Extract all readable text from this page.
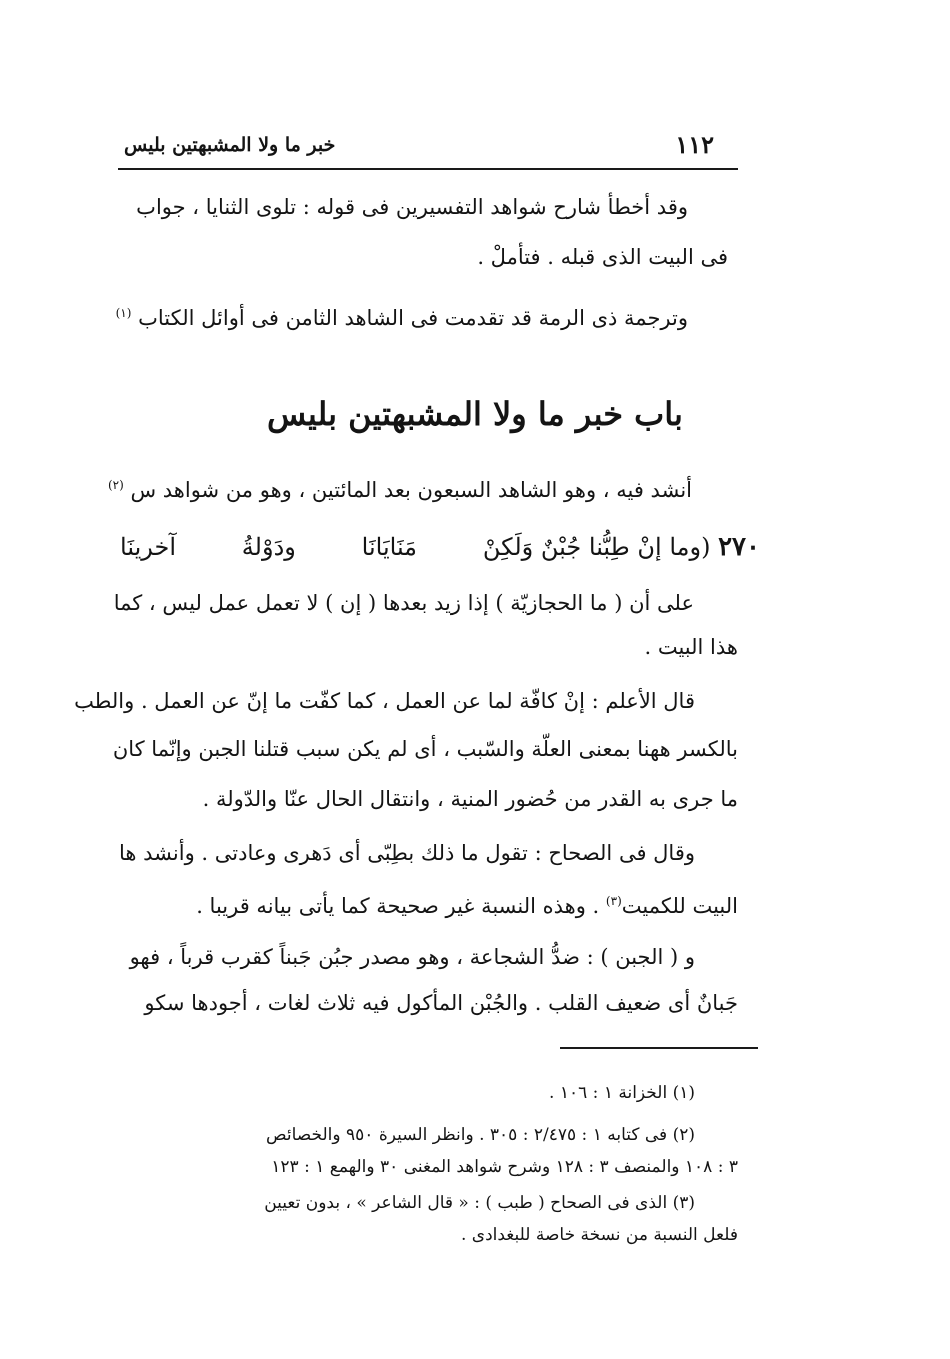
١١٢
خبر ما ولا المشبهتين بليس
وقد أخطأ شارح شواهد التفسيرين فى قوله : تلوى الثنايا ، جواب
فى البيت الذى قبله . فتأملْ .
وترجمة ذى الرمة قد تقدمت فى الشاهد الثامن فى أوائل الكتاب $^{(١)}$
باب خبر ما ولا المشبهتين بليس
أنشد فيه ، وهو الشاهد السبعون بعد المائتين ، وهو من شواهد س $^{(٢)}$
٢٧٠ (وما إنْ طِبُّنا جُبْنٌ وَلَكِنْ
مَنَايَانَا
ودَوْلةُ
آخرينَا
على أن ( ما الحجازيّة ) إذا زيد بعدها ( إن ) لا تعمل عمل ليس ، كما
هذا البيت .
قال الأعلم : إنْ كافّة لما عن العمل ، كما كفّت ما إنّ عن العمل . والطب
بالكسر ههنا بمعنى العلّة والسّبب ، أى لم يكن سبب قتلنا الجبن وإنّما كان
ما جرى به القدر من حُضور المنية ، وانتقال الحال عنّا والدّولة .
وقال فى الصحاح : تقول ما ذلك بطِبّى أى دَهرى وعادتى . وأنشد ها
البيت للكميت$^{(٣)}$ . وهذه النسبة غير صحيحة كما يأتى بيانه قريبا .
و ( الجبن ) : ضدُّ الشجاعة ، وهو مصدر جبُن جَبناً كقرب قرباً ، فهو
جَبانٌ أى ضعيف القلب . والجُبْن المأكول فيه ثلاث لغات ، أجودها سكو
(١) الخزانة ١ : ١٠٦ .
(٢) فى كتابه ١ : ٢/٤٧٥ : ٣٠٥ . وانظر السيرة ٩٥٠ والخصائص
٣ : ١٠٨ والمنصف ٣ : ١٢٨ وشرح شواهد المغنى ٣٠ والهمع ١ : ١٢٣
(٣) الذى فى الصحاح ( طبب ) : « قال الشاعر » ، بدون تعيين
فلعل النسبة من نسخة خاصة للبغدادى .
